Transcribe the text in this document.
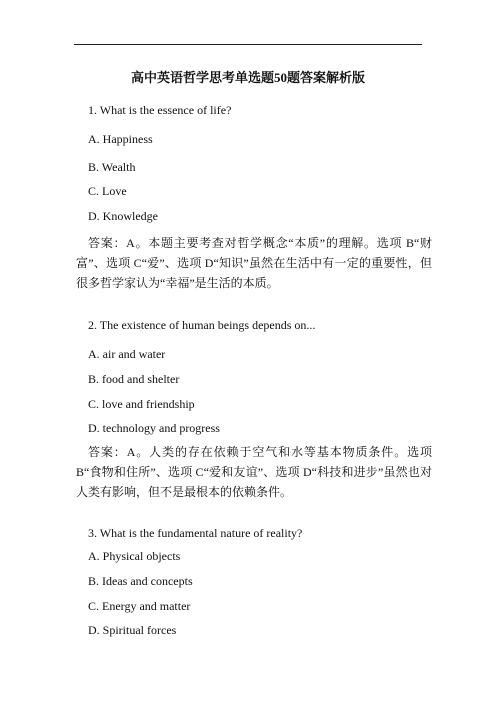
高中英语哲学思考单选题50题答案解析版
1. What is the essence of life?
A. Happiness
B. Wealth
C. Love
D. Knowledge
答案：A。本题主要考查对哲学概念“本质”的理解。选项 B“财富”、选项 C“爱”、选项 D“知识”虽然在生活中有一定的重要性，但很多哲学家认为“幸福”是生活的本质。
2. The existence of human beings depends on...
A. air and water
B. food and shelter
C. love and friendship
D. technology and progress
答案：A。人类的存在依赖于空气和水等基本物质条件。选项 B“食物和住所”、选项 C“爱和友谊”、选项 D“科技和进步”虽然也对人类有影响，但不是最根本的依赖条件。
3. What is the fundamental nature of reality?
A. Physical objects
B. Ideas and concepts
C. Energy and matter
D. Spiritual forces
